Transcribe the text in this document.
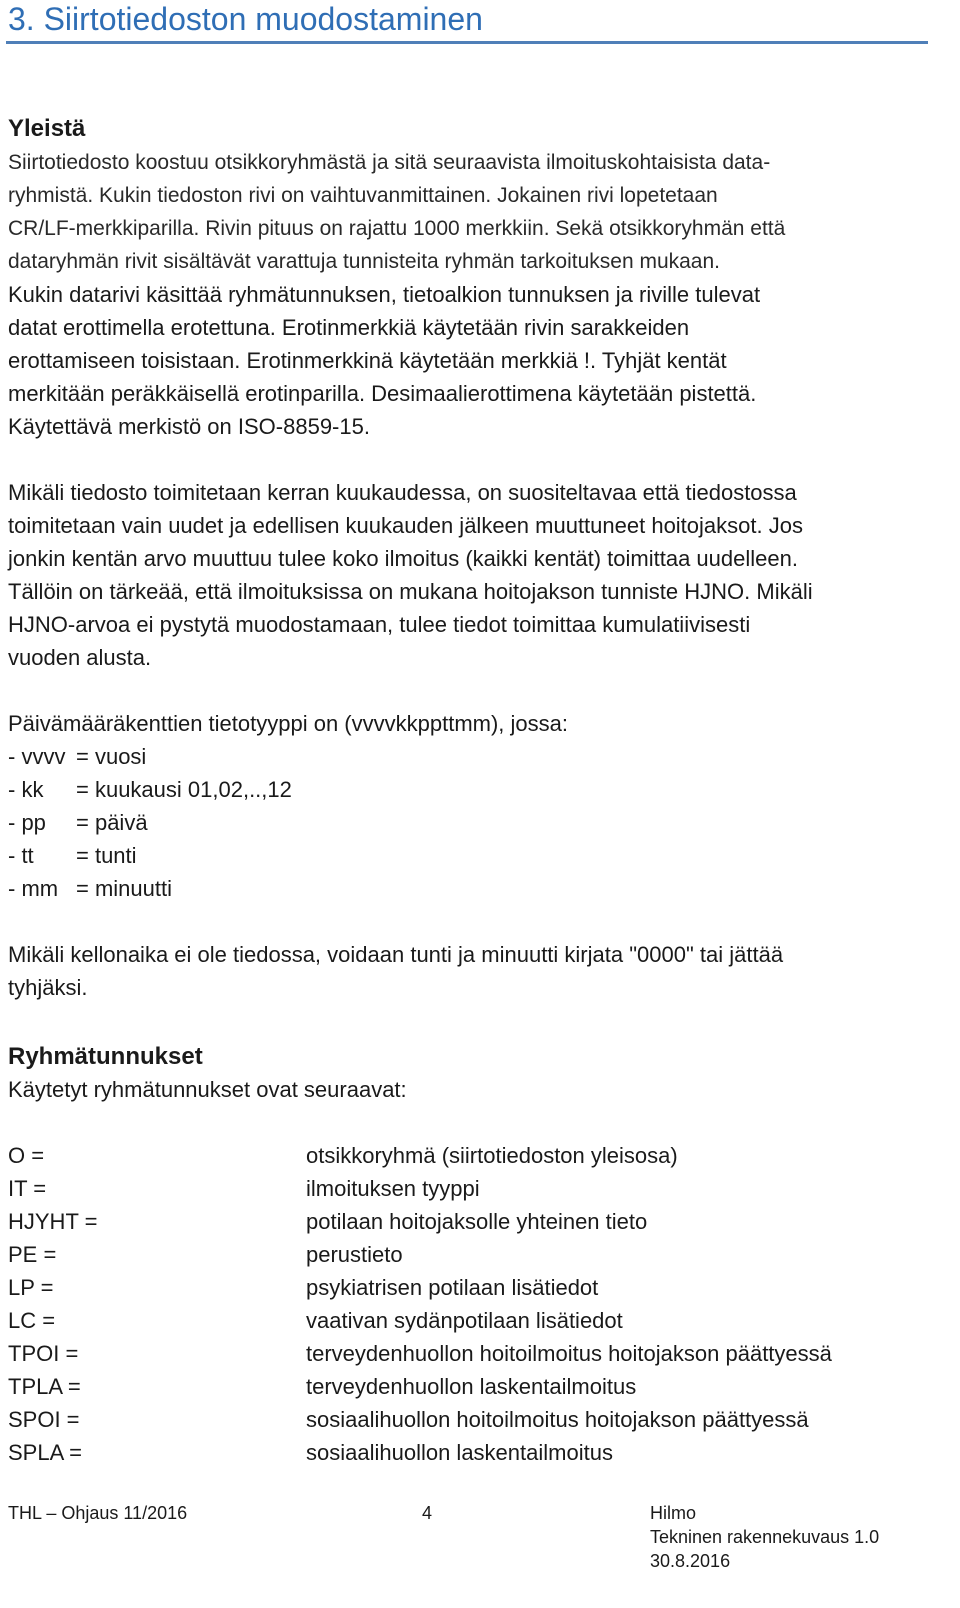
3. Siirtotiedoston muodostaminen
Yleistä
Siirtotiedosto koostuu otsikkoryhmästä ja sitä seuraavista ilmoituskohtaisista data-
ryhmistä. Kukin tiedoston rivi on vaihtuvanmittainen. Jokainen rivi lopetetaan
CR/LF-merkkiparilla. Rivin pituus on rajattu 1000 merkkiin. Sekä otsikkoryhmän että
dataryhmän rivit sisältävät varattuja tunnisteita ryhmän tarkoituksen mukaan.
Kukin datarivi käsittää ryhmätunnuksen, tietoalkion tunnuksen ja riville tulevat
datat erottimella erotettuna. Erotinmerkkiä käytetään rivin sarakkeiden
erottamiseen toisistaan. Erotinmerkkinä käytetään merkkiä !. Tyhjät kentät
merkitään peräkkäisellä erotinparilla. Desimaalierottimena käytetään pistettä.
Käytettävä merkistö on ISO-8859-15.
Mikäli tiedosto toimitetaan kerran kuukaudessa, on suositeltavaa että tiedostossa
toimitetaan vain uudet ja edellisen kuukauden jälkeen muuttuneet hoitojaksot. Jos
jonkin kentän arvo muuttuu tulee koko ilmoitus (kaikki kentät) toimittaa uudelleen.
Tällöin on tärkeää, että ilmoituksissa on mukana hoitojakson tunniste HJNO. Mikäli
HJNO-arvoa ei pystytä muodostamaan, tulee tiedot toimittaa kumulatiivisesti
vuoden alusta.
Päivämääräkenttien tietotyyppi on (vvvvkkppttmm), jossa:
- vvvv = vuosi
- kk = kuukausi 01,02,..,12
- pp = päivä
- tt = tunti
- mm = minuutti
Mikäli kellonaika ei ole tiedossa, voidaan tunti ja minuutti kirjata "0000" tai jättää
tyhjäksi.
Ryhmätunnukset
Käytetyt ryhmätunnukset ovat seuraavat:
O =	otsikkoryhmä (siirtotiedoston yleisosa)
IT =	ilmoituksen tyyppi
HJYHT =	potilaan hoitojaksolle yhteinen tieto
PE =	perustieto
LP =	psykiatrisen potilaan lisätiedot
LC =	vaativan sydänpotilaan lisätiedot
TPOI =	terveydenhuollon hoitoilmoitus hoitojakson päättyessä
TPLA =	terveydenhuollon laskentailmoitus
SPOI =	sosiaalihuollon hoitoilmoitus hoitojakson päättyessä
SPLA =	sosiaalihuollon laskentailmoitus
THL – Ohjaus 11/2016	4	Hilmo
Tekninen rakennekuvaus 1.0
30.8.2016
